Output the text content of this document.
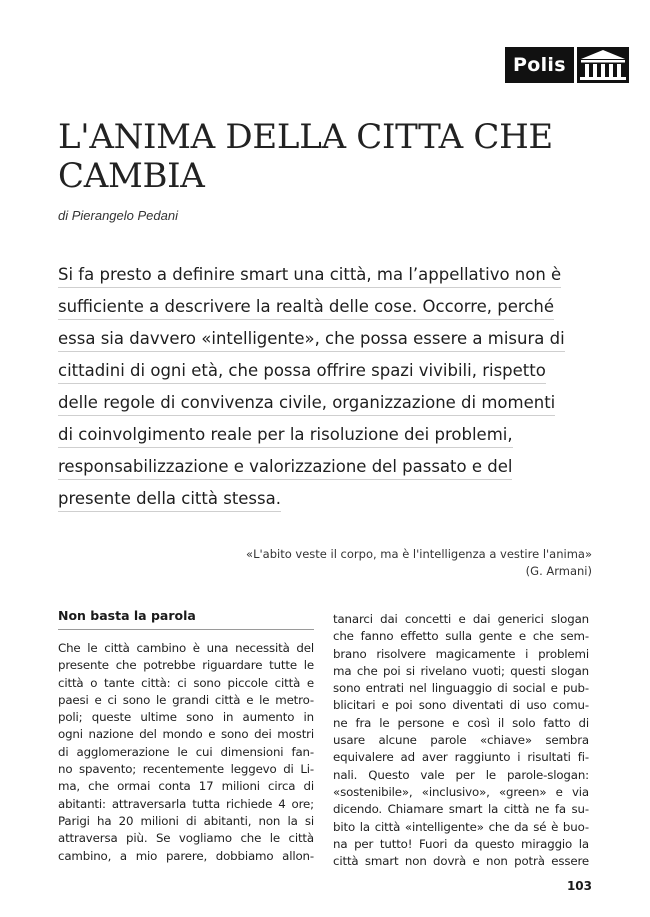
Polis
L'ANIMA DELLA CITTA CHE CAMBIA
di Pierangelo Pedani
Si fa presto a definire smart una città, ma l’appellativo non è
sufficiente a descrivere la realtà delle cose. Occorre, perché
essa sia davvero «intelligente», che possa essere a misura di
cittadini di ogni età, che possa offrire spazi vivibili, rispetto
delle regole di convivenza civile, organizzazione di momenti
di coinvolgimento reale per la risoluzione dei problemi,
responsabilizzazione e valorizzazione del passato e del
presente della città stessa.
«L'abito veste il corpo, ma è l'intelligenza a vestire l'anima»
(G. Armani)
Non basta la parola
Che le città cambino è una necessità del
presente che potrebbe riguardare tutte le
città o tante città: ci sono piccole città e
paesi e ci sono le grandi città e le metro-
poli; queste ultime sono in aumento in
ogni nazione del mondo e sono dei mostri
di agglomerazione le cui dimensioni fan-
no spavento; recentemente leggevo di Li-
ma, che ormai conta 17 milioni circa di
abitanti: attraversarla tutta richiede 4 ore;
Parigi ha 20 milioni di abitanti, non la si
attraversa più. Se vogliamo che le città
cambino, a mio parere, dobbiamo allon-
tanarci dai concetti e dai generici slogan
che fanno effetto sulla gente e che sem-
brano risolvere magicamente i problemi
ma che poi si rivelano vuoti; questi slogan
sono entrati nel linguaggio di social e pub-
blicitari e poi sono diventati di uso comu-
ne fra le persone e così il solo fatto di
usare alcune parole «chiave» sembra
equivalere ad aver raggiunto i risultati fi-
nali. Questo vale per le parole-slogan:
«sostenibile», «inclusivo», «green» e via
dicendo. Chiamare smart la città ne fa su-
bito la città «intelligente» che da sé è buo-
na per tutto! Fuori da questo miraggio la
città smart non dovrà e non potrà essere
103
